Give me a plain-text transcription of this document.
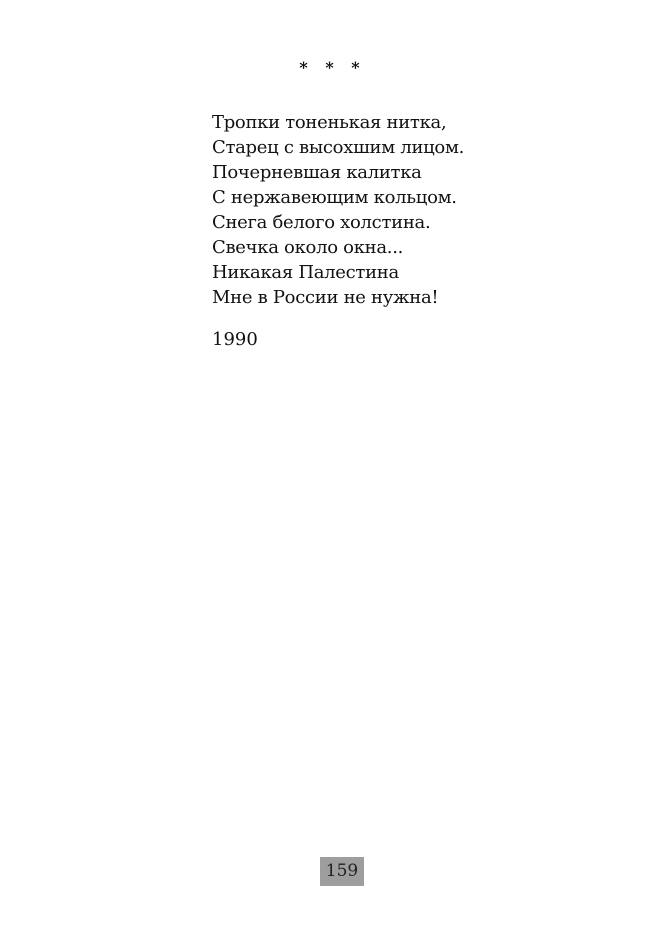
* * *
Тропки тоненькая нитка,
Старец с высохшим лицом.
Почерневшая калитка
С нержавеющим кольцом.
Снега белого холстина.
Свечка около окна...
Никакая Палестина
Мне в России не нужна!
1990
159
